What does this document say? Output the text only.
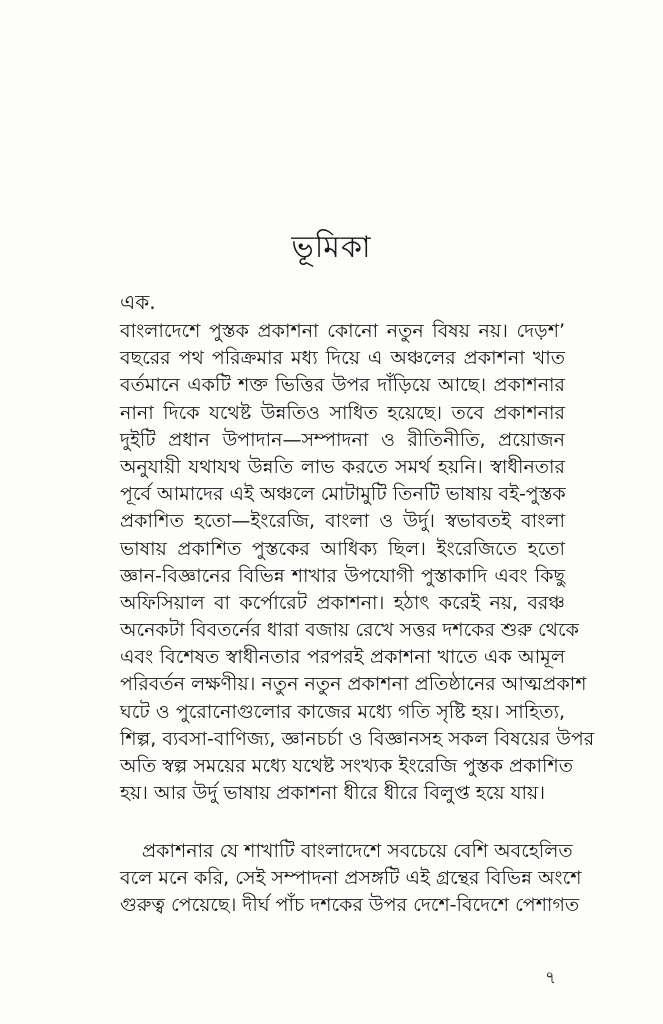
ভূমিকা
এক.
বাংলাদেশে পুস্তক প্রকাশনা কোনো নতুন বিষয় নয়। দেড়শ’
বছরের পথ পরিক্রমার মধ্য দিয়ে এ অঞ্চলের প্রকাশনা খাত
বর্তমানে একটি শক্ত ভিত্তির উপর দাঁড়িয়ে আছে। প্রকাশনার
নানা দিকে যথেষ্ট উন্নতিও সাধিত হয়েছে। তবে প্রকাশনার
দুইটি প্রধান উপাদান—সম্পাদনা ও রীতিনীতি, প্রয়োজন
অনুযায়ী যথাযথ উন্নতি লাভ করতে সমর্থ হয়নি। স্বাধীনতার
পূর্বে আমাদের এই অঞ্চলে মোটামুটি তিনটি ভাষায় বই-পুস্তক
প্রকাশিত হতো—ইংরেজি, বাংলা ও উর্দু। স্বভাবতই বাংলা
ভাষায় প্রকাশিত পুস্তকের আধিক্য ছিল। ইংরেজিতে হতো
জ্ঞান-বিজ্ঞানের বিভিন্ন শাখার উপযোগী পুস্তাকাদি এবং কিছু
অফিসিয়াল বা কর্পোরেট প্রকাশনা। হঠাৎ করেই নয়, বরঞ্চ
অনেকটা বিবতর্নের ধারা বজায় রেখে সত্তর দশকের শুরু থেকে
এবং বিশেষত স্বাধীনতার পরপরই প্রকাশনা খাতে এক আমূল
পরিবর্তন লক্ষণীয়। নতুন নতুন প্রকাশনা প্রতিষ্ঠানের আত্মপ্রকাশ
ঘটে ও পুরোনোগুলোর কাজের মধ্যে গতি সৃষ্টি হয়। সাহিত্য,
শিল্প, ব্যবসা-বাণিজ্য, জ্ঞানচর্চা ও বিজ্ঞানসহ সকল বিষয়ের উপর
অতি স্বল্প সময়ের মধ্যে যথেষ্ট সংখ্যক ইংরেজি পুস্তক প্রকাশিত
হয়। আর উর্দু ভাষায় প্রকাশনা ধীরে ধীরে বিলুপ্ত হয়ে যায়।
প্রকাশনার যে শাখাটি বাংলাদেশে সবচেয়ে বেশি অবহেলিত
বলে মনে করি, সেই সম্পাদনা প্রসঙ্গটি এই গ্রন্থের বিভিন্ন অংশে
গুরুত্ব পেয়েছে। দীর্ঘ পাঁচ দশকের উপর দেশে-বিদেশে পেশাগত
৭
